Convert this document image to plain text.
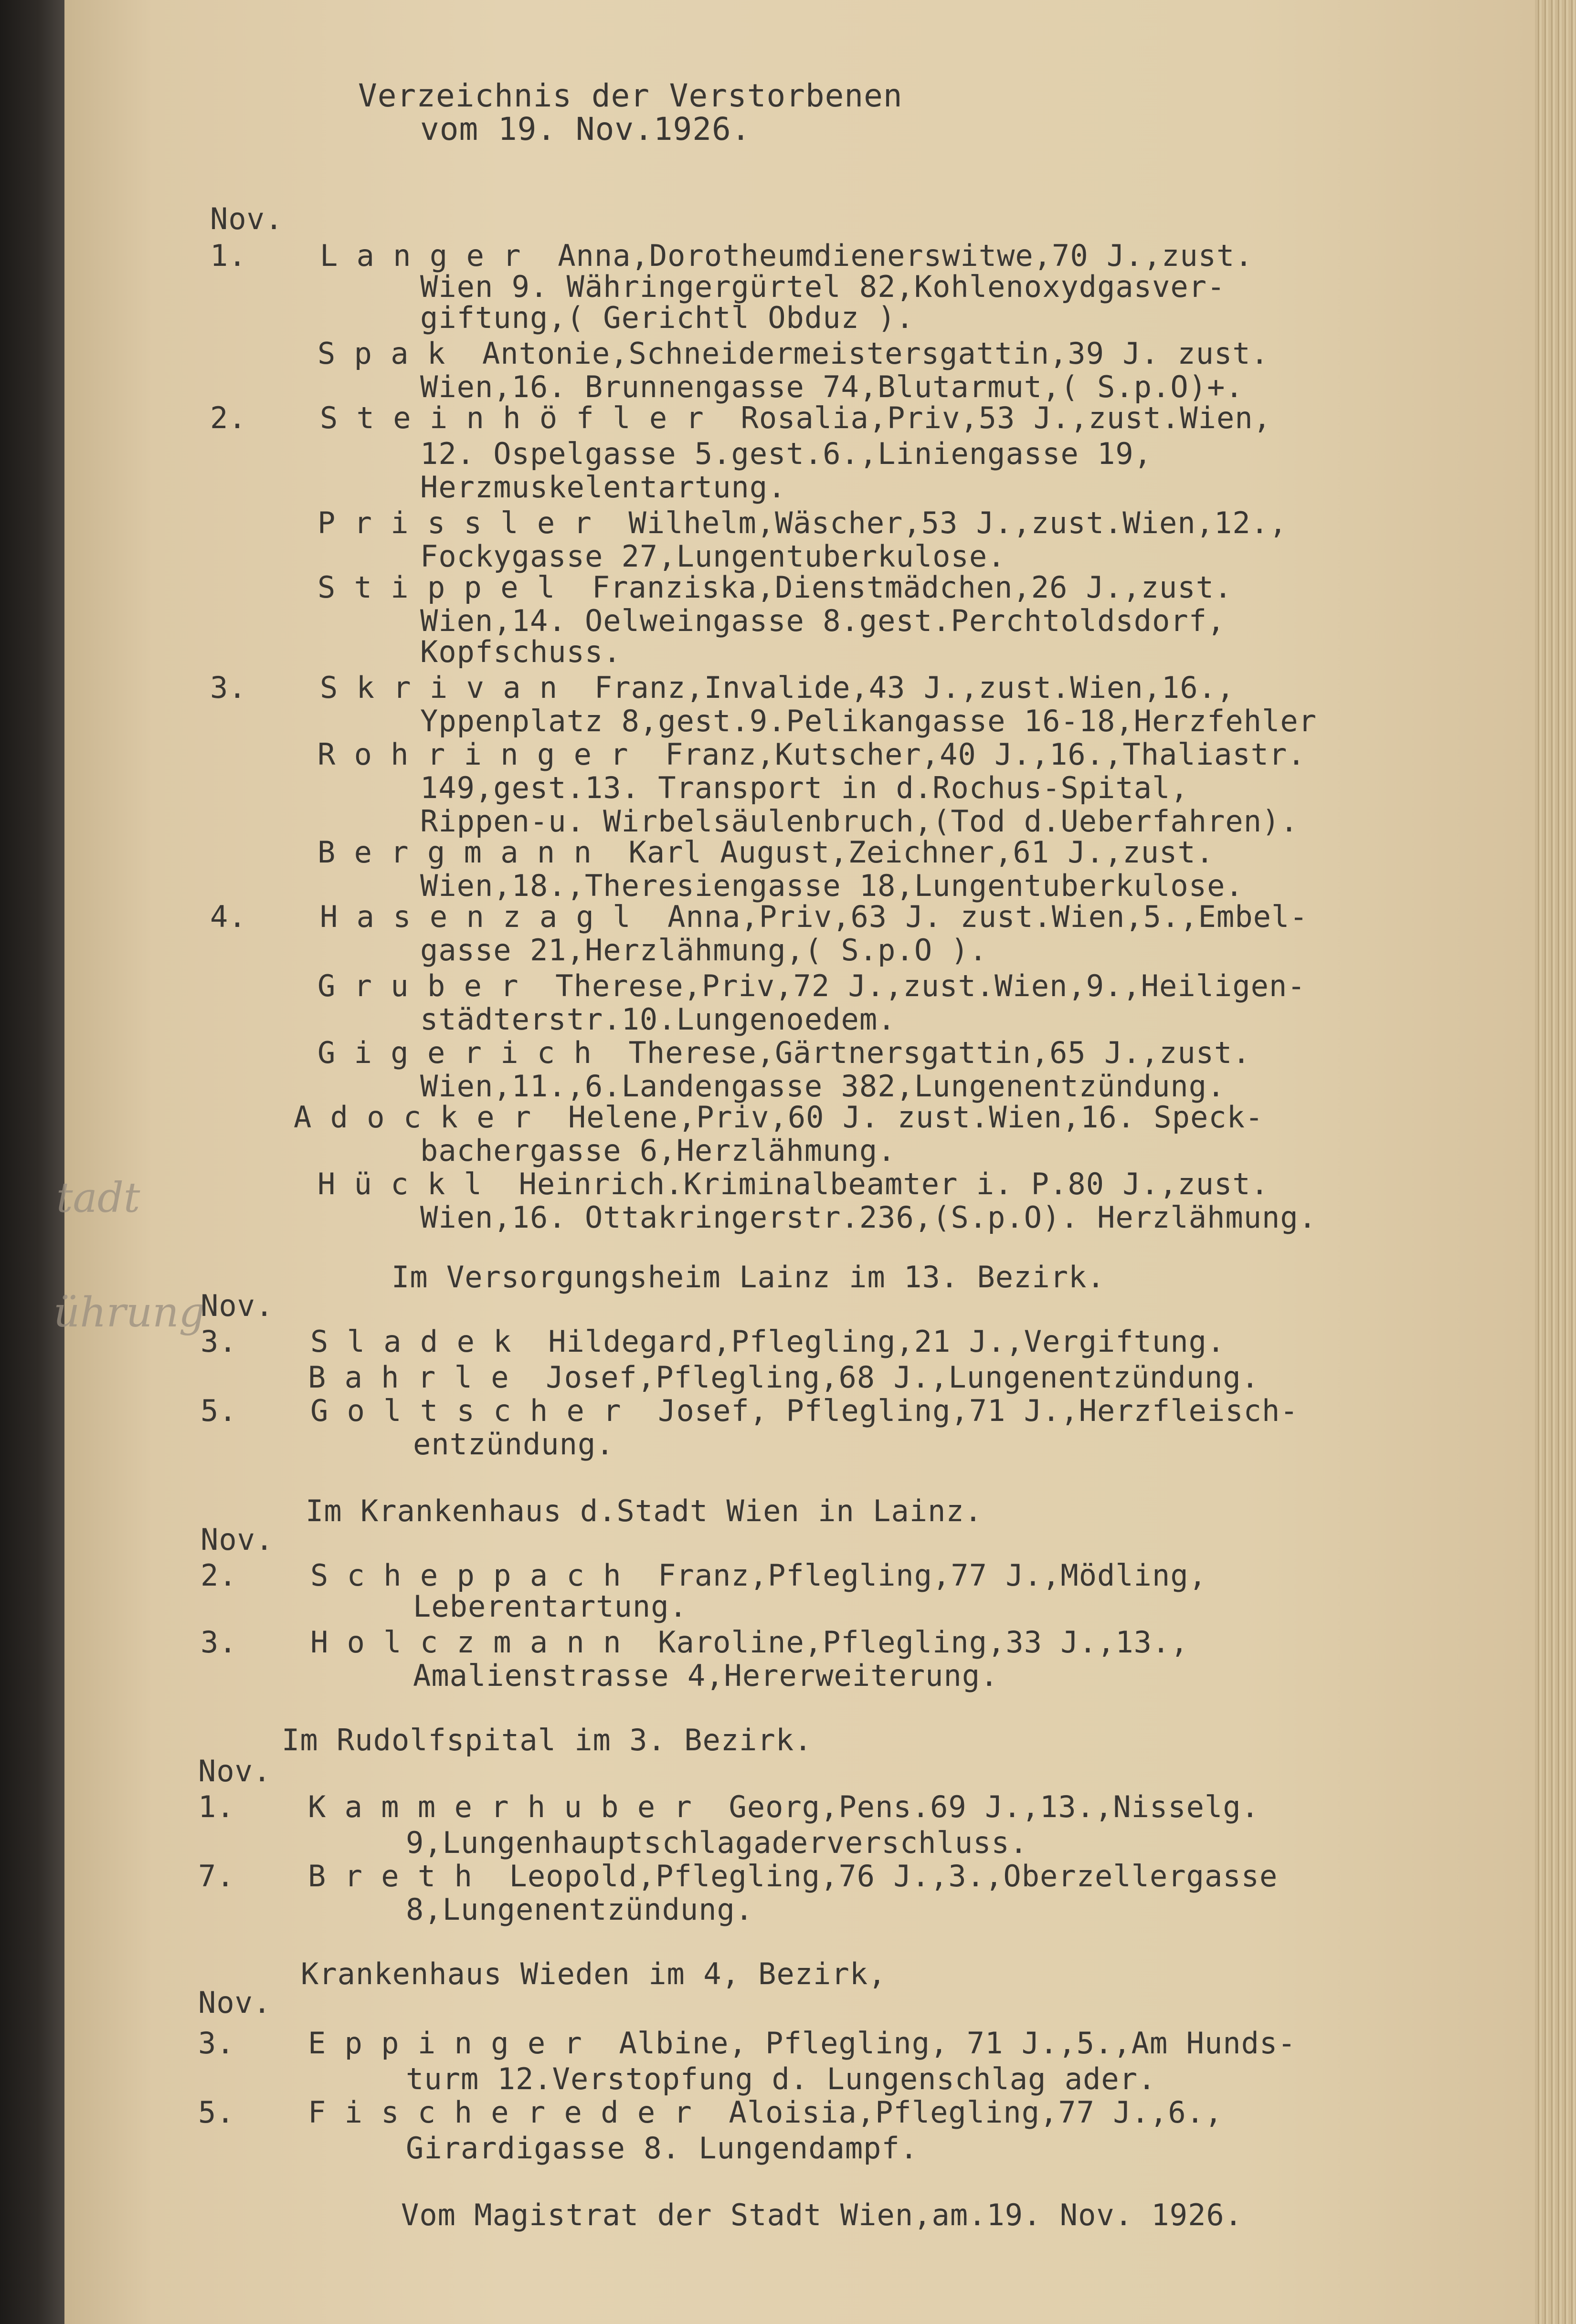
Verzeichnis der Verstorbenen
vom 19. Nov.1926.
tadt
ührung
Nov.
1.    L a n g e r  Anna,Dorotheumdienerswitwe,70 J.,zust.
Wien 9. Währingergürtel 82,Kohlenoxydgasver-
giftung,( Gerichtl Obduz ).
S p a k  Antonie,Schneidermeistersgattin,39 J. zust.
Wien,16. Brunnengasse 74,Blutarmut,( S.p.O)+.
2.    S t e i n h ö f l e r  Rosalia,Priv,53 J.,zust.Wien,
12. Ospelgasse 5.gest.6.,Liniengasse 19,
Herzmuskelentartung.
P r i s s l e r  Wilhelm,Wäscher,53 J.,zust.Wien,12.,
Fockygasse 27,Lungentuberkulose.
S t i p p e l  Franziska,Dienstmädchen,26 J.,zust.
Wien,14. Oelweingasse 8.gest.Perchtoldsdorf,
Kopfschuss.
3.    S k r i v a n  Franz,Invalide,43 J.,zust.Wien,16.,
Yppenplatz 8,gest.9.Pelikangasse 16-18,Herzfehler
R o h r i n g e r  Franz,Kutscher,40 J.,16.,Thaliastr.
149,gest.13. Transport in d.Rochus-Spital,
Rippen-u. Wirbelsäulenbruch,(Tod d.Ueberfahren).
B e r g m a n n  Karl August,Zeichner,61 J.,zust.
Wien,18.,Theresiengasse 18,Lungentuberkulose.
4.    H a s e n z a g l  Anna,Priv,63 J. zust.Wien,5.,Embel-
gasse 21,Herzlähmung,( S.p.O ).
G r u b e r  Therese,Priv,72 J.,zust.Wien,9.,Heiligen-
städterstr.10.Lungenoedem.
G i g e r i c h  Therese,Gärtnersgattin,65 J.,zust.
Wien,11.,6.Landengasse 382,Lungenentzündung.
A d o c k e r  Helene,Priv,60 J. zust.Wien,16. Speck-
bachergasse 6,Herzlähmung.
H ü c k l  Heinrich.Kriminalbeamter i. P.80 J.,zust.
Wien,16. Ottakringerstr.236,(S.p.O). Herzlähmung.
Im Versorgungsheim Lainz im 13. Bezirk.
Nov.
3.    S l a d e k  Hildegard,Pflegling,21 J.,Vergiftung.
B a h r l e  Josef,Pflegling,68 J.,Lungenentzündung.
5.    G o l t s c h e r  Josef, Pflegling,71 J.,Herzfleisch-
entzündung.
Im Krankenhaus d.Stadt Wien in Lainz.
Nov.
2.    S c h e p p a c h  Franz,Pflegling,77 J.,Mödling,
Leberentartung.
3.    H o l c z m a n n  Karoline,Pflegling,33 J.,13.,
Amalienstrasse 4,Hererweiterung.
Im Rudolfspital im 3. Bezirk.
Nov.
1.    K a m m e r h u b e r  Georg,Pens.69 J.,13.,Nisselg.
9,Lungenhauptschlagaderverschluss.
7.    B r e t h  Leopold,Pflegling,76 J.,3.,Oberzellergasse
8,Lungenentzündung.
Krankenhaus Wieden im 4, Bezirk,
Nov.
3.    E p p i n g e r  Albine, Pflegling, 71 J.,5.,Am Hunds-
turm 12.Verstopfung d. Lungenschlag ader.
5.    F i s c h e r e d e r  Aloisia,Pflegling,77 J.,6.,
Girardigasse 8. Lungendampf.
Vom Magistrat der Stadt Wien,am.19. Nov. 1926.
